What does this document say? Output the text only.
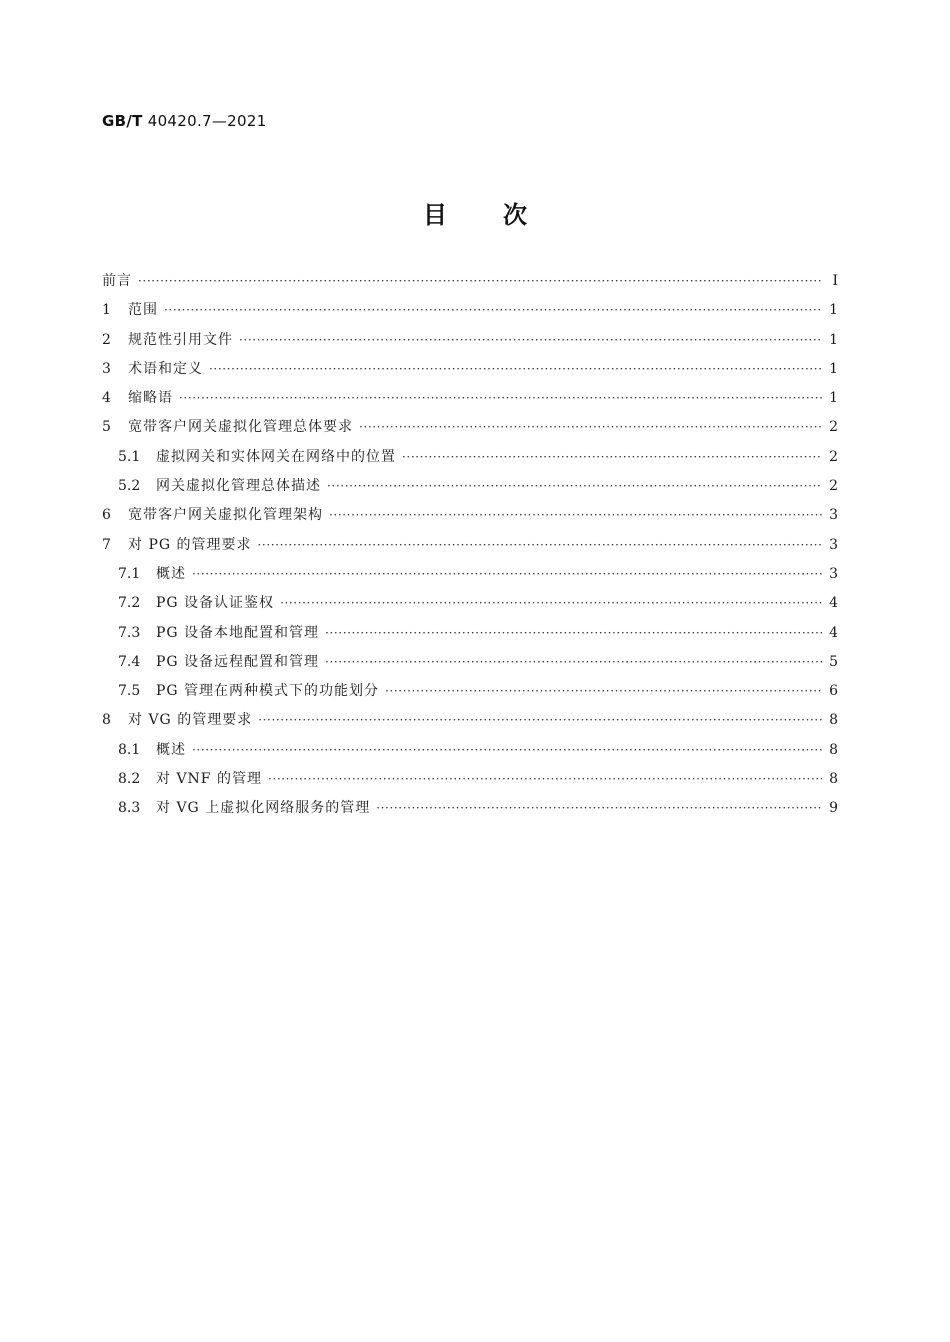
GB/T 40420.7—2021
目 次
前言 ·····	Ⅰ
1	范围 ·····	1
2	规范性引用文件 ·····	1
3	术语和定义 ·····	1
4	缩略语 ·····	1
5	宽带客户网关虚拟化管理总体要求 ·····	2
5.1	虚拟网关和实体网关在网络中的位置 ·····	2
5.2	网关虚拟化管理总体描述 ·····	2
6	宽带客户网关虚拟化管理架构 ·····	3
7	对 PG 的管理要求 ·····	3
7.1	概述 ·····	3
7.2	PG 设备认证鉴权 ·····	4
7.3	PG 设备本地配置和管理 ·····	4
7.4	PG 设备远程配置和管理 ·····	5
7.5	PG 管理在两种模式下的功能划分 ·····	6
8	对 VG 的管理要求 ·····	8
8.1	概述 ·····	8
8.2	对 VNF 的管理 ·····	8
8.3	对 VG 上虚拟化网络服务的管理 ·····	9
